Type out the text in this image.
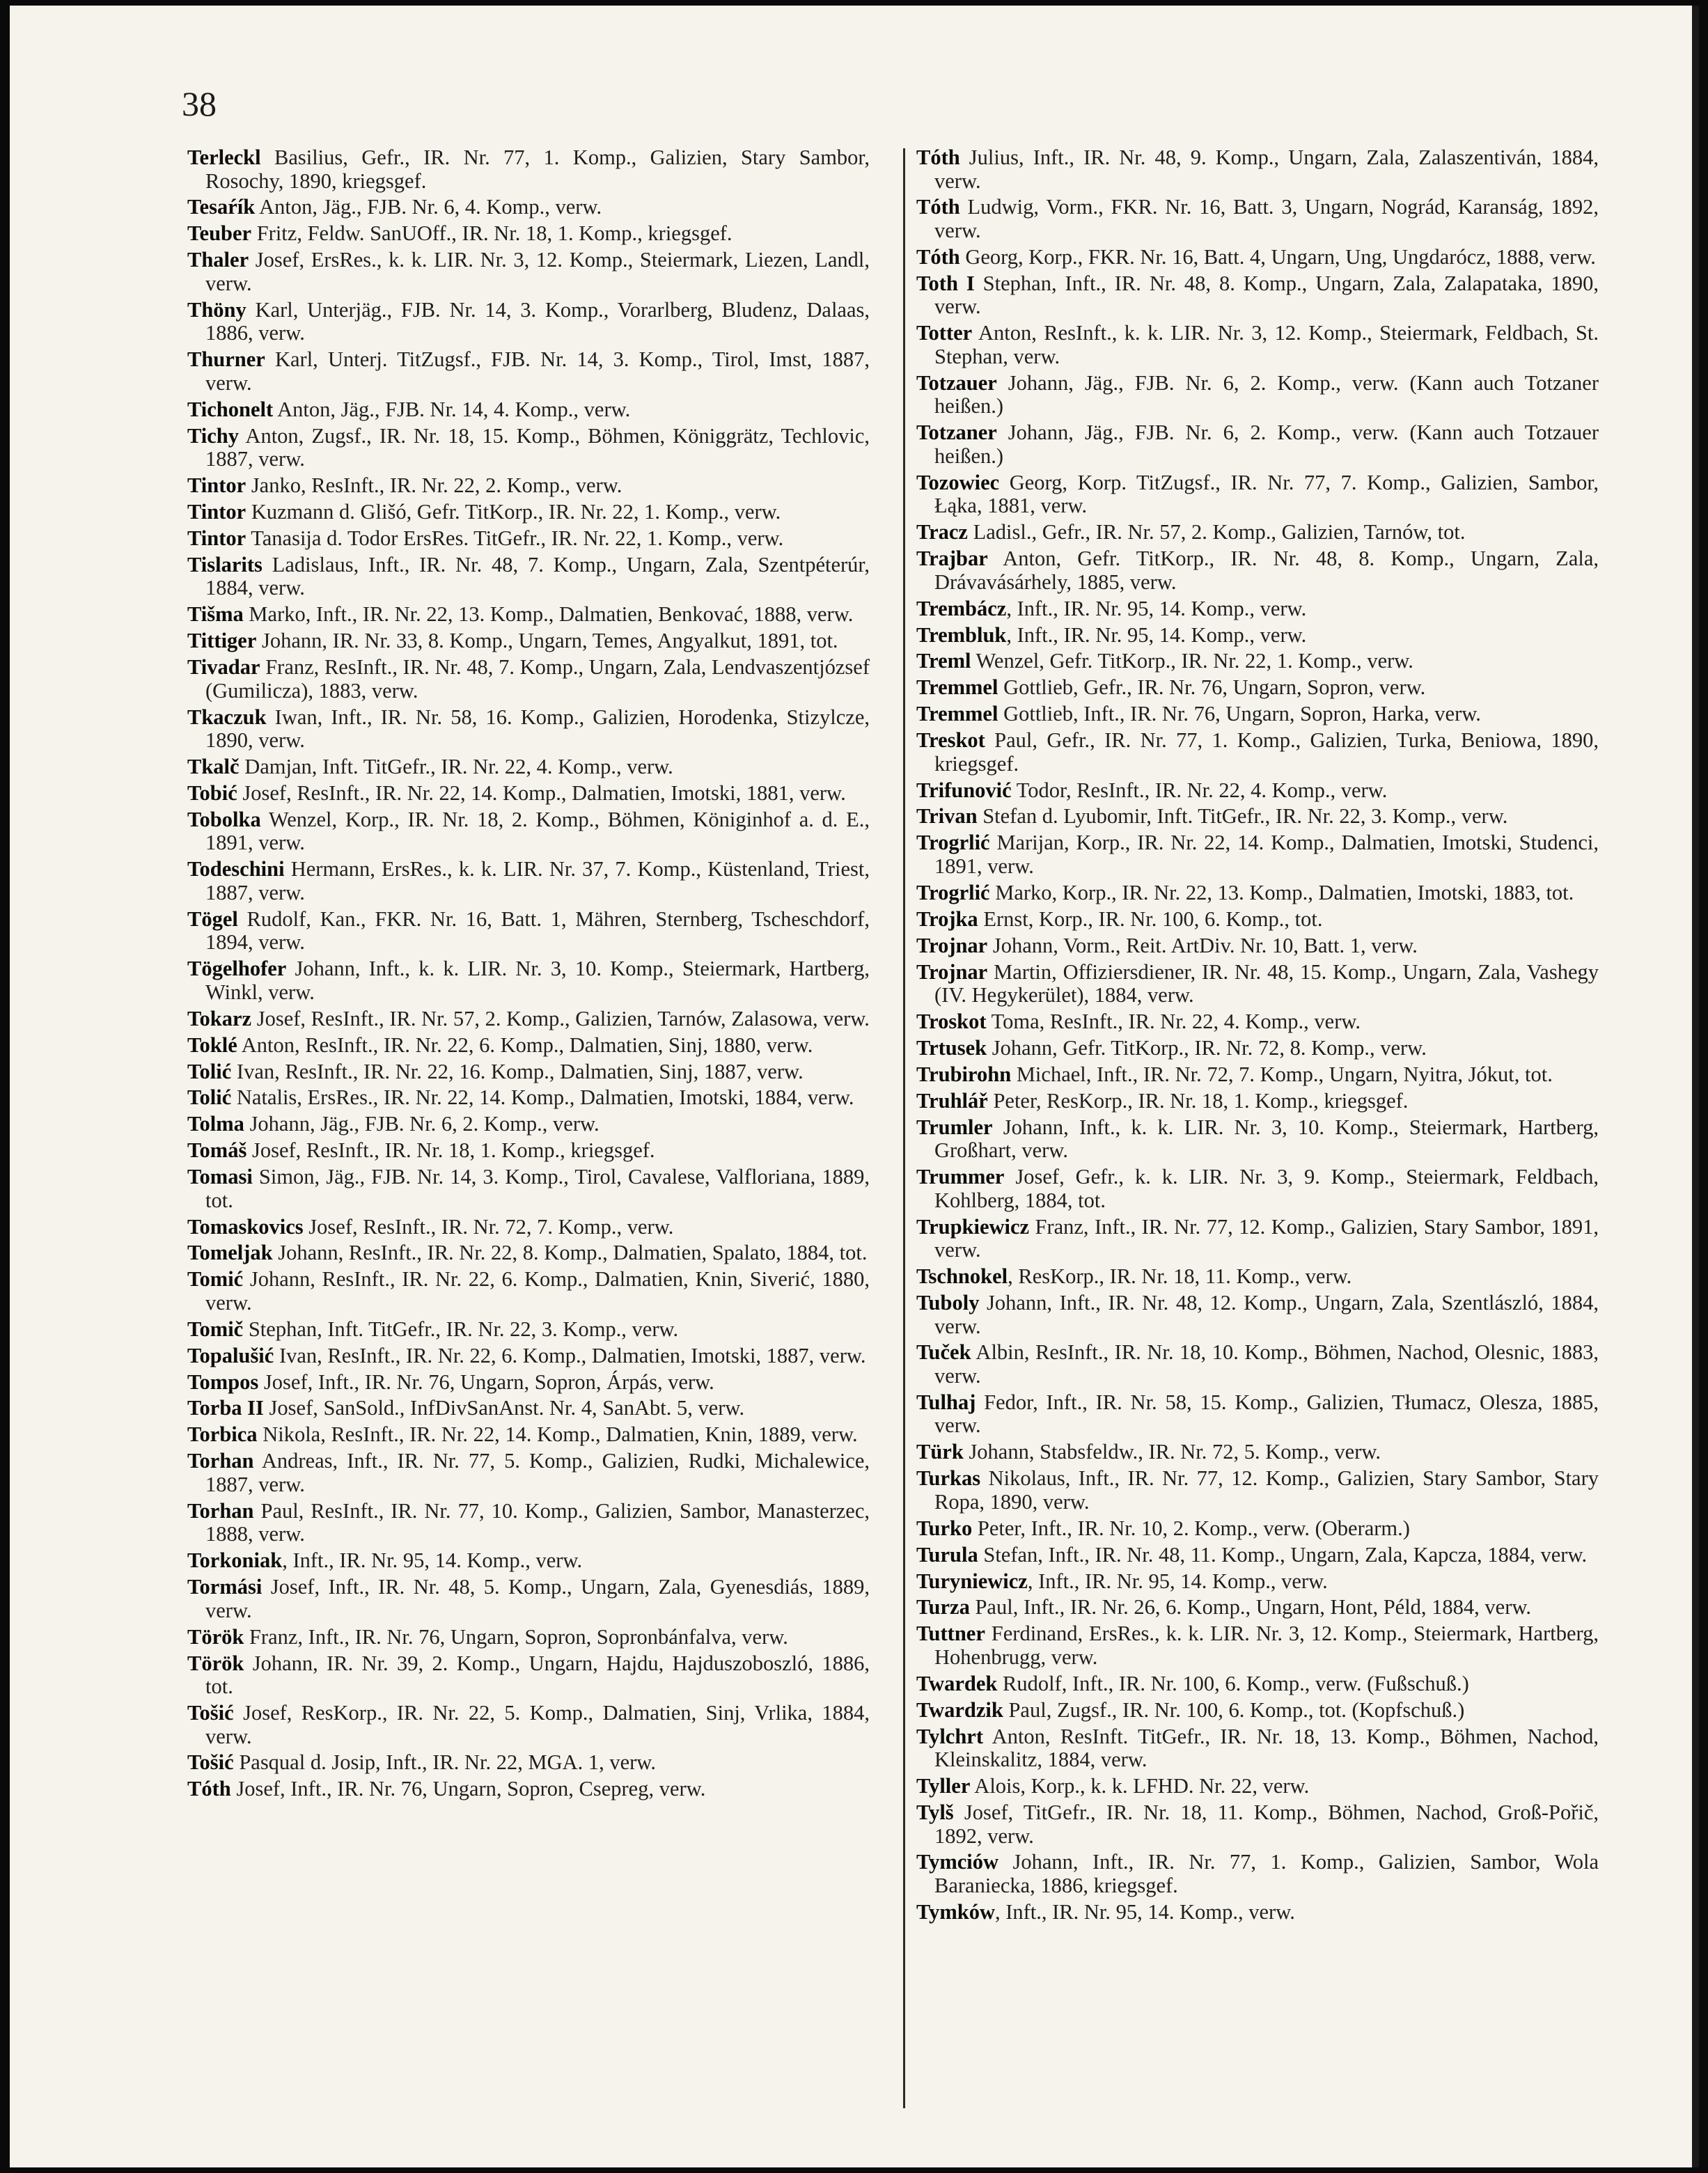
38
Terleckl Basilius, Gefr., IR. Nr. 77, 1. Komp., Galizien, Stary Sambor, Rosochy, 1890, kriegsgef.
Tesaŕík Anton, Jäg., FJB. Nr. 6, 4. Komp., verw.
Teuber Fritz, Feldw. SanUOff., IR. Nr. 18, 1. Komp., kriegsgef.
Thaler Josef, ErsRes., k. k. LIR. Nr. 3, 12. Komp., Steiermark, Liezen, Landl, verw.
Thöny Karl, Unterjäg., FJB. Nr. 14, 3. Komp., Vorarlberg, Bludenz, Dalaas, 1886, verw.
Thurner Karl, Unterj. TitZugsf., FJB. Nr. 14, 3. Komp., Tirol, Imst, 1887, verw.
Tichonelt Anton, Jäg., FJB. Nr. 14, 4. Komp., verw.
Tichy Anton, Zugsf., IR. Nr. 18, 15. Komp., Böhmen, Königgrätz, Techlovic, 1887, verw.
Tintor Janko, ResInft., IR. Nr. 22, 2. Komp., verw.
Tintor Kuzmann d. Glišó, Gefr. TitKorp., IR. Nr. 22, 1. Komp., verw.
Tintor Tanasija d. Todor ErsRes. TitGefr., IR. Nr. 22, 1. Komp., verw.
Tislarits Ladislaus, Inft., IR. Nr. 48, 7. Komp., Ungarn, Zala, Szentpéterúr, 1884, verw.
Tišma Marko, Inft., IR. Nr. 22, 13. Komp., Dalmatien, Benkovać, 1888, verw.
Tittiger Johann, IR. Nr. 33, 8. Komp., Ungarn, Temes, Angyalkut, 1891, tot.
Tivadar Franz, ResInft., IR. Nr. 48, 7. Komp., Ungarn, Zala, Lendvaszentjózsef (Gumilicza), 1883, verw.
Tkaczuk Iwan, Inft., IR. Nr. 58, 16. Komp., Galizien, Horodenka, Stizylcze, 1890, verw.
Tkalč Damjan, Inft. TitGefr., IR. Nr. 22, 4. Komp., verw.
Tobić Josef, ResInft., IR. Nr. 22, 14. Komp., Dalmatien, Imotski, 1881, verw.
Tobolka Wenzel, Korp., IR. Nr. 18, 2. Komp., Böhmen, Königinhof a. d. E., 1891, verw.
Todeschini Hermann, ErsRes., k. k. LIR. Nr. 37, 7. Komp., Küstenland, Triest, 1887, verw.
Tögel Rudolf, Kan., FKR. Nr. 16, Batt. 1, Mähren, Sternberg, Tscheschdorf, 1894, verw.
Tögelhofer Johann, Inft., k. k. LIR. Nr. 3, 10. Komp., Steiermark, Hartberg, Winkl, verw.
Tokarz Josef, ResInft., IR. Nr. 57, 2. Komp., Galizien, Tarnów, Zalasowa, verw.
Toklé Anton, ResInft., IR. Nr. 22, 6. Komp., Dalmatien, Sinj, 1880, verw.
Tolić Ivan, ResInft., IR. Nr. 22, 16. Komp., Dalmatien, Sinj, 1887, verw.
Tolić Natalis, ErsRes., IR. Nr. 22, 14. Komp., Dalmatien, Imotski, 1884, verw.
Tolma Johann, Jäg., FJB. Nr. 6, 2. Komp., verw.
Tomáš Josef, ResInft., IR. Nr. 18, 1. Komp., kriegsgef.
Tomasi Simon, Jäg., FJB. Nr. 14, 3. Komp., Tirol, Cavalese, Valfloriana, 1889, tot.
Tomaskovics Josef, ResInft., IR. Nr. 72, 7. Komp., verw.
Tomeljak Johann, ResInft., IR. Nr. 22, 8. Komp., Dalmatien, Spalato, 1884, tot.
Tomić Johann, ResInft., IR. Nr. 22, 6. Komp., Dalmatien, Knin, Siverić, 1880, verw.
Tomič Stephan, Inft. TitGefr., IR. Nr. 22, 3. Komp., verw.
Topalušić Ivan, ResInft., IR. Nr. 22, 6. Komp., Dalmatien, Imotski, 1887, verw.
Tompos Josef, Inft., IR. Nr. 76, Ungarn, Sopron, Árpás, verw.
Torba II Josef, SanSold., InfDivSanAnst. Nr. 4, SanAbt. 5, verw.
Torbica Nikola, ResInft., IR. Nr. 22, 14. Komp., Dalmatien, Knin, 1889, verw.
Torhan Andreas, Inft., IR. Nr. 77, 5. Komp., Galizien, Rudki, Michalewice, 1887, verw.
Torhan Paul, ResInft., IR. Nr. 77, 10. Komp., Galizien, Sambor, Manasterzec, 1888, verw.
Torkoniak, Inft., IR. Nr. 95, 14. Komp., verw.
Tormási Josef, Inft., IR. Nr. 48, 5. Komp., Ungarn, Zala, Gyenesdiás, 1889, verw.
Török Franz, Inft., IR. Nr. 76, Ungarn, Sopron, Sopronbánfalva, verw.
Török Johann, IR. Nr. 39, 2. Komp., Ungarn, Hajdu, Hajduszoboszló, 1886, tot.
Tošić Josef, ResKorp., IR. Nr. 22, 5. Komp., Dalmatien, Sinj, Vrlika, 1884, verw.
Tošić Pasqual d. Josip, Inft., IR. Nr. 22, MGA. 1, verw.
Tóth Josef, Inft., IR. Nr. 76, Ungarn, Sopron, Csepreg, verw.
Tóth Julius, Inft., IR. Nr. 48, 9. Komp., Ungarn, Zala, Zalaszentiván, 1884, verw.
Tóth Ludwig, Vorm., FKR. Nr. 16, Batt. 3, Ungarn, Nográd, Karanság, 1892, verw.
Tóth Georg, Korp., FKR. Nr. 16, Batt. 4, Ungarn, Ung, Ungdarócz, 1888, verw.
Toth I Stephan, Inft., IR. Nr. 48, 8. Komp., Ungarn, Zala, Zalapataka, 1890, verw.
Totter Anton, ResInft., k. k. LIR. Nr. 3, 12. Komp., Steiermark, Feldbach, St. Stephan, verw.
Totzauer Johann, Jäg., FJB. Nr. 6, 2. Komp., verw. (Kann auch Totzaner heißen.)
Totzaner Johann, Jäg., FJB. Nr. 6, 2. Komp., verw. (Kann auch Totzauer heißen.)
Tozowiec Georg, Korp. TitZugsf., IR. Nr. 77, 7. Komp., Galizien, Sambor, Łąka, 1881, verw.
Tracz Ladisl., Gefr., IR. Nr. 57, 2. Komp., Galizien, Tarnów, tot.
Trajbar Anton, Gefr. TitKorp., IR. Nr. 48, 8. Komp., Ungarn, Zala, Drávavásárhely, 1885, verw.
Trembácz, Inft., IR. Nr. 95, 14. Komp., verw.
Trembluk, Inft., IR. Nr. 95, 14. Komp., verw.
Treml Wenzel, Gefr. TitKorp., IR. Nr. 22, 1. Komp., verw.
Tremmel Gottlieb, Gefr., IR. Nr. 76, Ungarn, Sopron, verw.
Tremmel Gottlieb, Inft., IR. Nr. 76, Ungarn, Sopron, Harka, verw.
Treskot Paul, Gefr., IR. Nr. 77, 1. Komp., Galizien, Turka, Beniowa, 1890, kriegsgef.
Trifunović Todor, ResInft., IR. Nr. 22, 4. Komp., verw.
Trivan Stefan d. Lyubomir, Inft. TitGefr., IR. Nr. 22, 3. Komp., verw.
Trogrlić Marijan, Korp., IR. Nr. 22, 14. Komp., Dalmatien, Imotski, Studenci, 1891, verw.
Trogrlić Marko, Korp., IR. Nr. 22, 13. Komp., Dalmatien, Imotski, 1883, tot.
Trojka Ernst, Korp., IR. Nr. 100, 6. Komp., tot.
Trojnar Johann, Vorm., Reit. ArtDiv. Nr. 10, Batt. 1, verw.
Trojnar Martin, Offiziersdiener, IR. Nr. 48, 15. Komp., Ungarn, Zala, Vashegy (IV. Hegykerület), 1884, verw.
Troskot Toma, ResInft., IR. Nr. 22, 4. Komp., verw.
Trtusek Johann, Gefr. TitKorp., IR. Nr. 72, 8. Komp., verw.
Trubirohn Michael, Inft., IR. Nr. 72, 7. Komp., Ungarn, Nyitra, Jókut, tot.
Truhlář Peter, ResKorp., IR. Nr. 18, 1. Komp., kriegsgef.
Trumler Johann, Inft., k. k. LIR. Nr. 3, 10. Komp., Steiermark, Hartberg, Großhart, verw.
Trummer Josef, Gefr., k. k. LIR. Nr. 3, 9. Komp., Steiermark, Feldbach, Kohlberg, 1884, tot.
Trupkiewicz Franz, Inft., IR. Nr. 77, 12. Komp., Galizien, Stary Sambor, 1891, verw.
Tschnokel, ResKorp., IR. Nr. 18, 11. Komp., verw.
Tuboly Johann, Inft., IR. Nr. 48, 12. Komp., Ungarn, Zala, Szentlászló, 1884, verw.
Tuček Albin, ResInft., IR. Nr. 18, 10. Komp., Böhmen, Nachod, Olesnic, 1883, verw.
Tulhaj Fedor, Inft., IR. Nr. 58, 15. Komp., Galizien, Tłumacz, Olesza, 1885, verw.
Türk Johann, Stabsfeldw., IR. Nr. 72, 5. Komp., verw.
Turkas Nikolaus, Inft., IR. Nr. 77, 12. Komp., Galizien, Stary Sambor, Stary Ropa, 1890, verw.
Turko Peter, Inft., IR. Nr. 10, 2. Komp., verw. (Oberarm.)
Turula Stefan, Inft., IR. Nr. 48, 11. Komp., Ungarn, Zala, Kapcza, 1884, verw.
Turyniewicz, Inft., IR. Nr. 95, 14. Komp., verw.
Turza Paul, Inft., IR. Nr. 26, 6. Komp., Ungarn, Hont, Péld, 1884, verw.
Tuttner Ferdinand, ErsRes., k. k. LIR. Nr. 3, 12. Komp., Steiermark, Hartberg, Hohenbrugg, verw.
Twardek Rudolf, Inft., IR. Nr. 100, 6. Komp., verw. (Fußschuß.)
Twardzik Paul, Zugsf., IR. Nr. 100, 6. Komp., tot. (Kopfschuß.)
Tylchrt Anton, ResInft. TitGefr., IR. Nr. 18, 13. Komp., Böhmen, Nachod, Kleinskalitz, 1884, verw.
Tyller Alois, Korp., k. k. LFHD. Nr. 22, verw.
Tylš Josef, TitGefr., IR. Nr. 18, 11. Komp., Böhmen, Nachod, Groß-Pořič, 1892, verw.
Tymciów Johann, Inft., IR. Nr. 77, 1. Komp., Galizien, Sambor, Wola Baraniecka, 1886, kriegsgef.
Tymków, Inft., IR. Nr. 95, 14. Komp., verw.
